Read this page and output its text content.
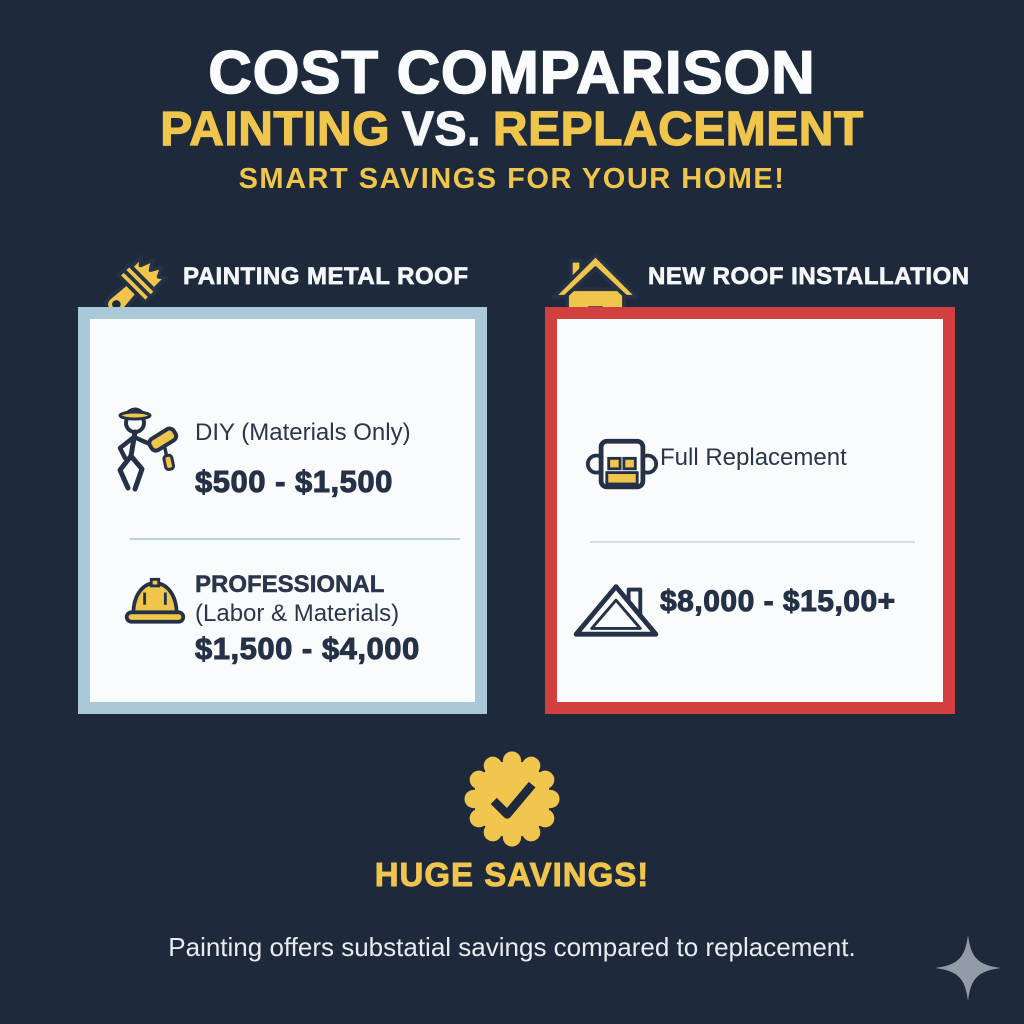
COST COMPARISON
PAINTING VS. REPLACEMENT
SMART SAVINGS FOR YOUR HOME!
PAINTING METAL ROOF	NEW ROOF INSTALLATION
DIY (Materials Only)
$500 - $1,500
PROFESSIONAL
(Labor & Materials)
$1,500 - $4,000
Full Replacement
$8,000 - $15,00+
HUGE SAVINGS!
Painting offers substatial savings compared to replacement.
